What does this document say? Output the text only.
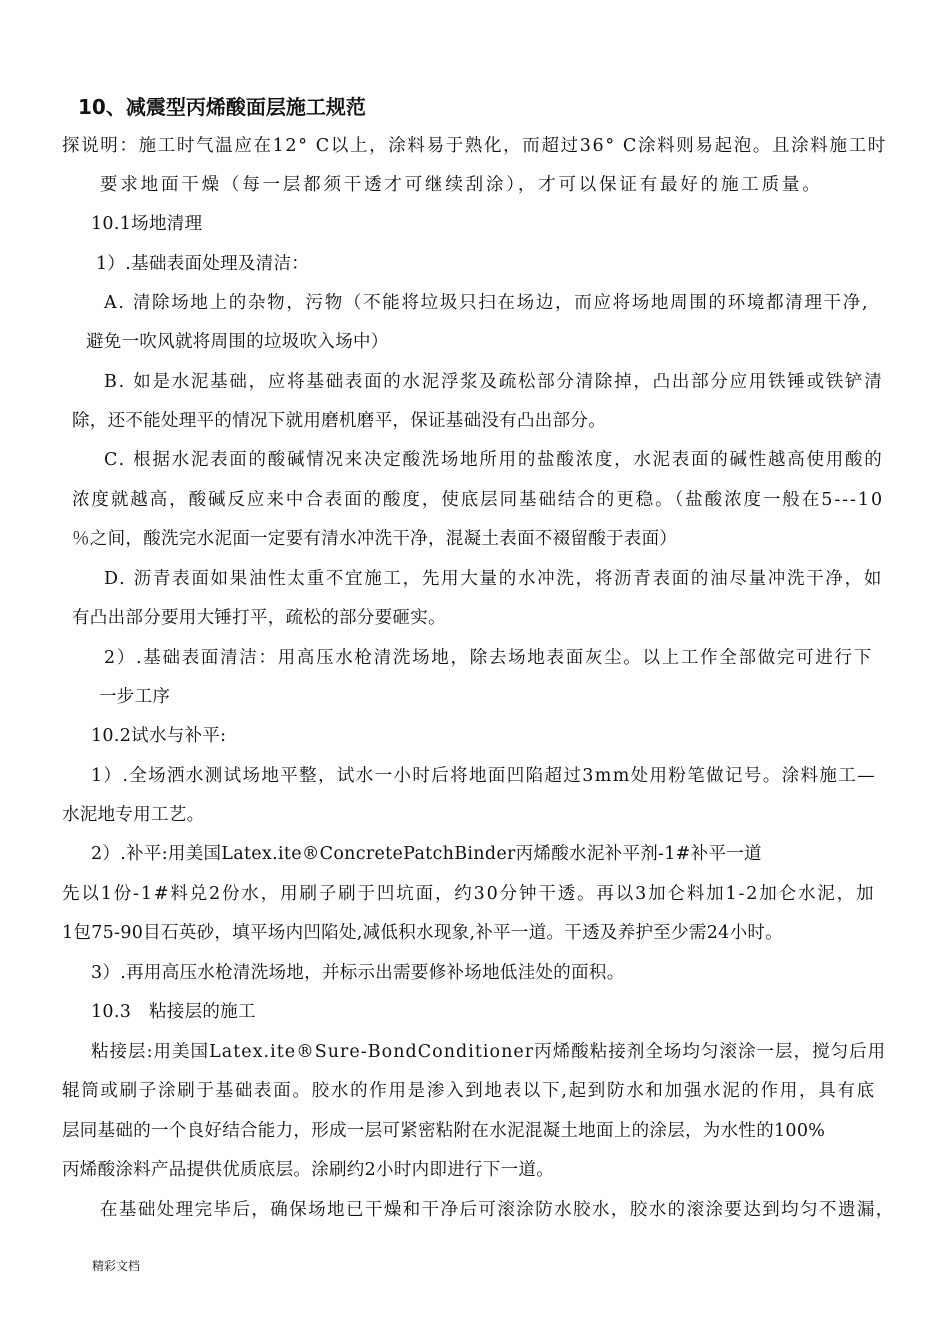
10、减震型丙烯酸面层施工规范
探说明：施工时气温应在12° C以上，涂料易于熟化，而超过36° C涂料则易起泡。且涂料施工时
要求地面干燥（每一层都须干透才可继续刮涂），才可以保证有最好的施工质量。
10.1场地清理
1）.基础表面处理及清洁：
A. 清除场地上的杂物，污物（不能将垃圾只扫在场边，而应将场地周围的环境都清理干净,
避免一吹风就将周围的垃圾吹入场中）
B. 如是水泥基础，应将基础表面的水泥浮浆及疏松部分清除掉，凸出部分应用铁锤或铁铲清
除，还不能处理平的情况下就用磨机磨平，保证基础没有凸出部分。
C. 根据水泥表面的酸碱情况来决定酸洗场地所用的盐酸浓度，水泥表面的碱性越高使用酸的
浓度就越高，酸碱反应来中合表面的酸度，使底层同基础结合的更稳。（盐酸浓度一般在5---10
％之间，酸洗完水泥面一定要有清水冲洗干净，混凝土表面不裰留酸于表面）
D. 沥青表面如果油性太重不宜施工，先用大量的水冲洗，将沥青表面的油尽量冲洗干净，如
有凸出部分要用大锤打平，疏松的部分要砸实。
2）.基础表面清洁：用高压水枪清洗场地，除去场地表面灰尘。以上工作全部做完可进行下
一步工序
10.2试水与补平:
1）.全场洒水测试场地平整，试水一小时后将地面凹陷超过3mm处用粉笔做记号。涂料施工—
水泥地专用工艺。
2）.补平:用美国Latex.ite®ConcretePatchBinder丙烯酸水泥补平剂-1#补平一道
先以1份-1#料兑2份水，用刷子刷于凹坑面，约30分钟干透。再以3加仑料加1-2加仑水泥，加
1包75-90目石英砂，填平场内凹陷处,减低积水现象,补平一道。干透及养护至少需24小时。
3）.再用高压水枪清洗场地，并标示出需要修补场地低洼处的面积。
10.3　粘接层的施工
粘接层:用美国Latex.ite®Sure-BondConditioner丙烯酸粘接剂全场均匀滚涂一层，搅匀后用
辊筒或刷子涂刷于基础表面。胶水的作用是渗入到地表以下,起到防水和加强水泥的作用，具有底
层同基础的一个良好结合能力，形成一层可紧密粘附在水泥混凝土地面上的涂层，为水性的100%
丙烯酸涂料产品提供优质底层。涂刷约2小时内即进行下一道。
在基础处理完毕后，确保场地已干燥和干净后可滚涂防水胶水，胶水的滚涂要达到均匀不遗漏，
精彩文档
